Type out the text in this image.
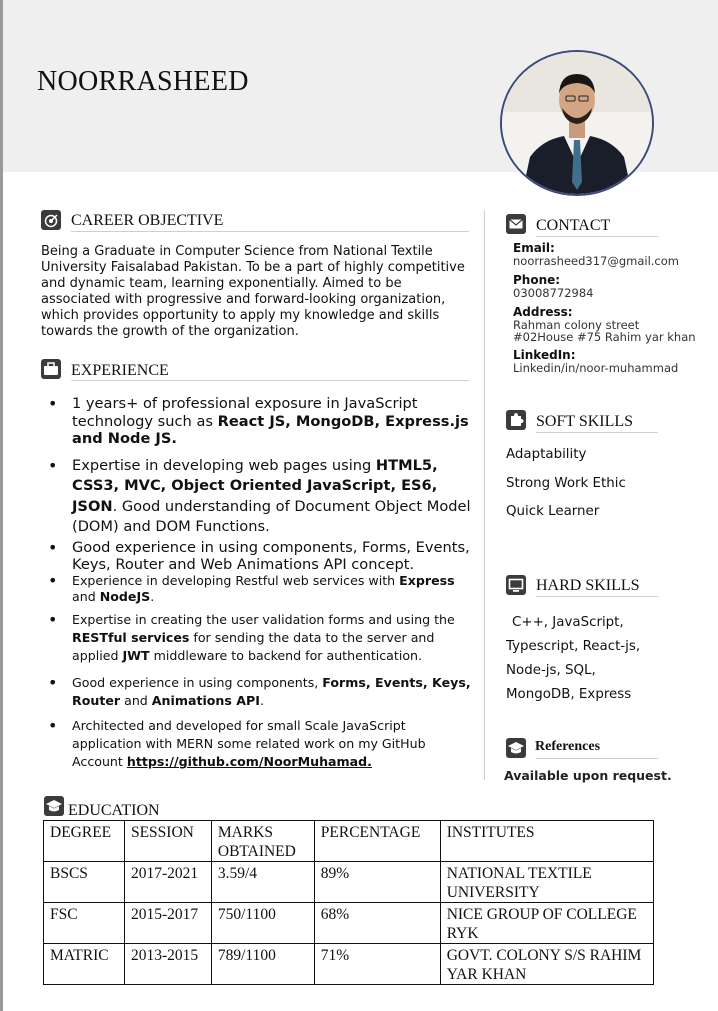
NOORRASHEED
CAREER OBJECTIVE
Being a Graduate in Computer Science from National Textile University Faisalabad Pakistan. To be a part of highly competitive and dynamic team, learning exponentially. Aimed to be associated with progressive and forward-looking organization, which provides opportunity to apply my knowledge and skills towards the growth of the organization.
EXPERIENCE
• 1 years+ of professional exposure in JavaScript technology such as React JS, MongoDB, Express.js and Node JS.
• Expertise in developing web pages using HTML5, CSS3, MVC, Object Oriented JavaScript, ES6, JSON. Good understanding of Document Object Model (DOM) and DOM Functions.
• Good experience in using components, Forms, Events, Keys, Router and Web Animations API concept.
• Experience in developing Restful web services with Express and NodeJS.
• Expertise in creating the user validation forms and using the RESTful services for sending the data to the server and applied JWT middleware to backend for authentication.
• Good experience in using components, Forms, Events, Keys, Router and Animations API.
• Architected and developed for small Scale JavaScript application with MERN some related work on my GitHub Account https://github.com/NoorMuhamad.
CONTACT
Email:
noorrasheed317@gmail.com
Phone:
03008772984
Address:
Rahman colony street
#02House #75 Rahim yar khan
LinkedIn:
Linkedin/in/noor-muhammad
SOFT SKILLS
Adaptability
Strong Work Ethic
Quick Learner
HARD SKILLS
C++, JavaScript, Typescript, React-js, Node-js, SQL, MongoDB, Express
References
Available upon request.
EDUCATION
DEGREE	SESSION	MARKS OBTAINED	PERCENTAGE	INSTITUTES
BSCS	2017-2021	3.59/4	89%	NATIONAL TEXTILE UNIVERSITY
FSC	2015-2017	750/1100	68%	NICE GROUP OF COLLEGE RYK
MATRIC	2013-2015	789/1100	71%	GOVT. COLONY S/S RAHIM YAR KHAN
